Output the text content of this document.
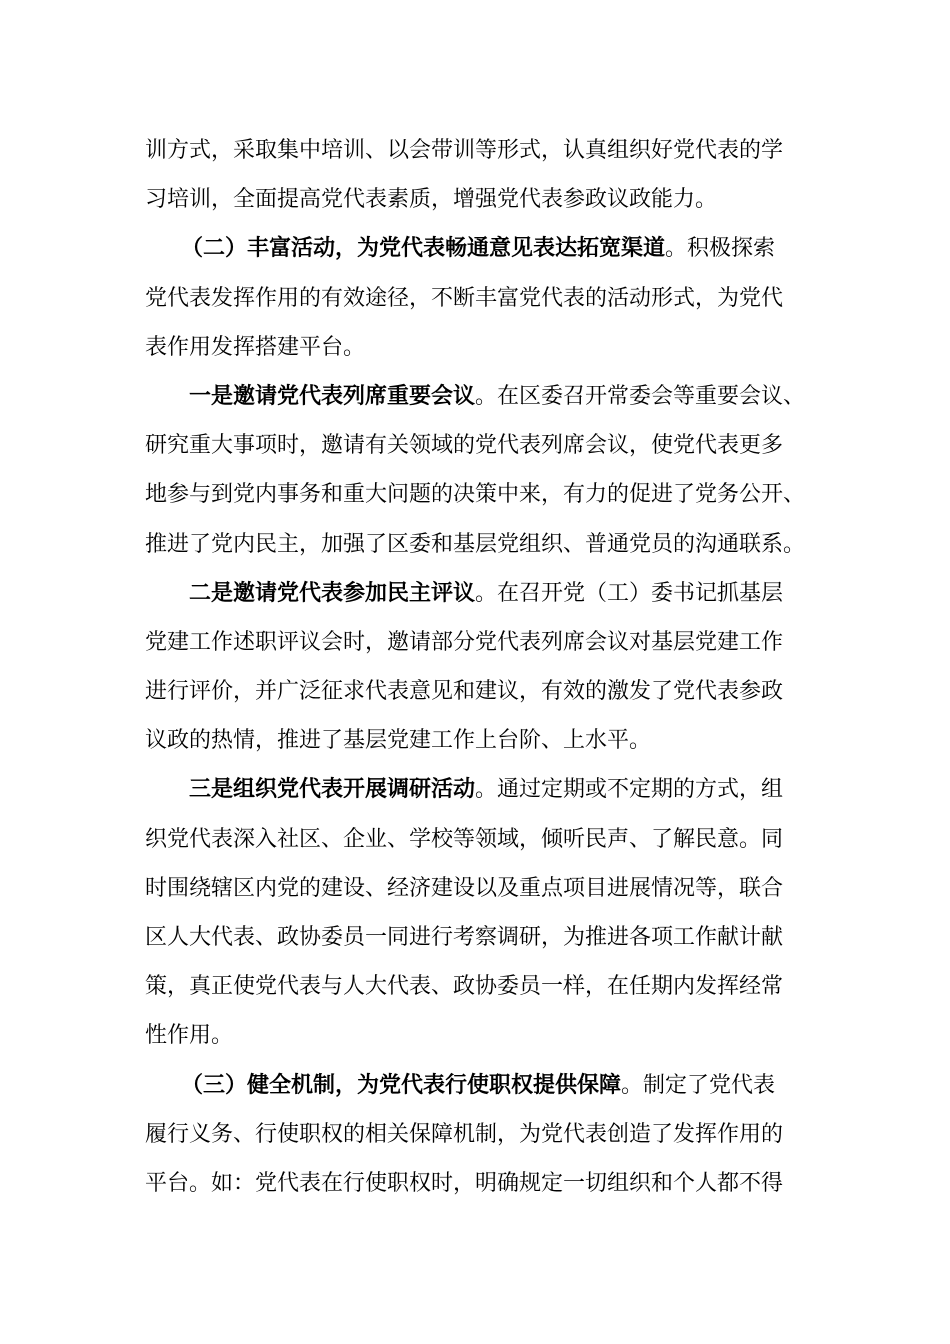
训方式，采取集中培训、以会带训等形式，认真组织好党代表的学
习培训，全面提高党代表素质，增强党代表参政议政能力。
（二）丰富活动，为党代表畅通意见表达拓宽渠道。积极探索
党代表发挥作用的有效途径，不断丰富党代表的活动形式，为党代
表作用发挥搭建平台。
一是邀请党代表列席重要会议。在区委召开常委会等重要会议、
研究重大事项时，邀请有关领域的党代表列席会议，使党代表更多
地参与到党内事务和重大问题的决策中来，有力的促进了党务公开、
推进了党内民主，加强了区委和基层党组织、普通党员的沟通联系。
二是邀请党代表参加民主评议。在召开党（工）委书记抓基层
党建工作述职评议会时，邀请部分党代表列席会议对基层党建工作
进行评价，并广泛征求代表意见和建议，有效的激发了党代表参政
议政的热情，推进了基层党建工作上台阶、上水平。
三是组织党代表开展调研活动。通过定期或不定期的方式，组
织党代表深入社区、企业、学校等领域，倾听民声、了解民意。同
时围绕辖区内党的建设、经济建设以及重点项目进展情况等，联合
区人大代表、政协委员一同进行考察调研，为推进各项工作献计献
策，真正使党代表与人大代表、政协委员一样，在任期内发挥经常
性作用。
（三）健全机制，为党代表行使职权提供保障。制定了党代表
履行义务、行使职权的相关保障机制，为党代表创造了发挥作用的
平台。如：党代表在行使职权时，明确规定一切组织和个人都不得
